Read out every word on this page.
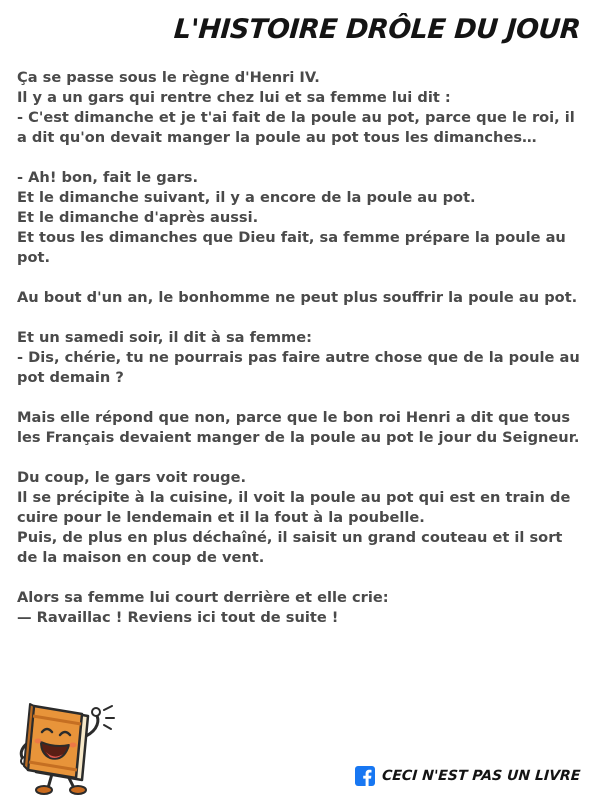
L'HISTOIRE DRÔLE DU JOUR

Ça se passe sous le règne d'Henri IV.
Il y a un gars qui rentre chez lui et sa femme lui dit :
- C'est dimanche et je t'ai fait de la poule au pot, parce que le roi, il a dit qu'on devait manger la poule au pot tous les dimanches…

- Ah! bon, fait le gars.
Et le dimanche suivant, il y a encore de la poule au pot.
Et le dimanche d'après aussi.
Et tous les dimanches que Dieu fait, sa femme prépare la poule au pot.

Au bout d'un an, le bonhomme ne peut plus souffrir la poule au pot.

Et un samedi soir, il dit à sa femme:
- Dis, chérie, tu ne pourrais pas faire autre chose que de la poule au pot demain ?

Mais elle répond que non, parce que le bon roi Henri a dit que tous les Français devaient manger de la poule au pot le jour du Seigneur.

Du coup, le gars voit rouge.
Il se précipite à la cuisine, il voit la poule au pot qui est en train de cuire pour le lendemain et il la fout à la poubelle.
Puis, de plus en plus déchaîné, il saisit un grand couteau et il sort de la maison en coup de vent.

Alors sa femme lui court derrière et elle crie:
— Ravaillac ! Reviens ici tout de suite !

CECI N'EST PAS UN LIVRE
